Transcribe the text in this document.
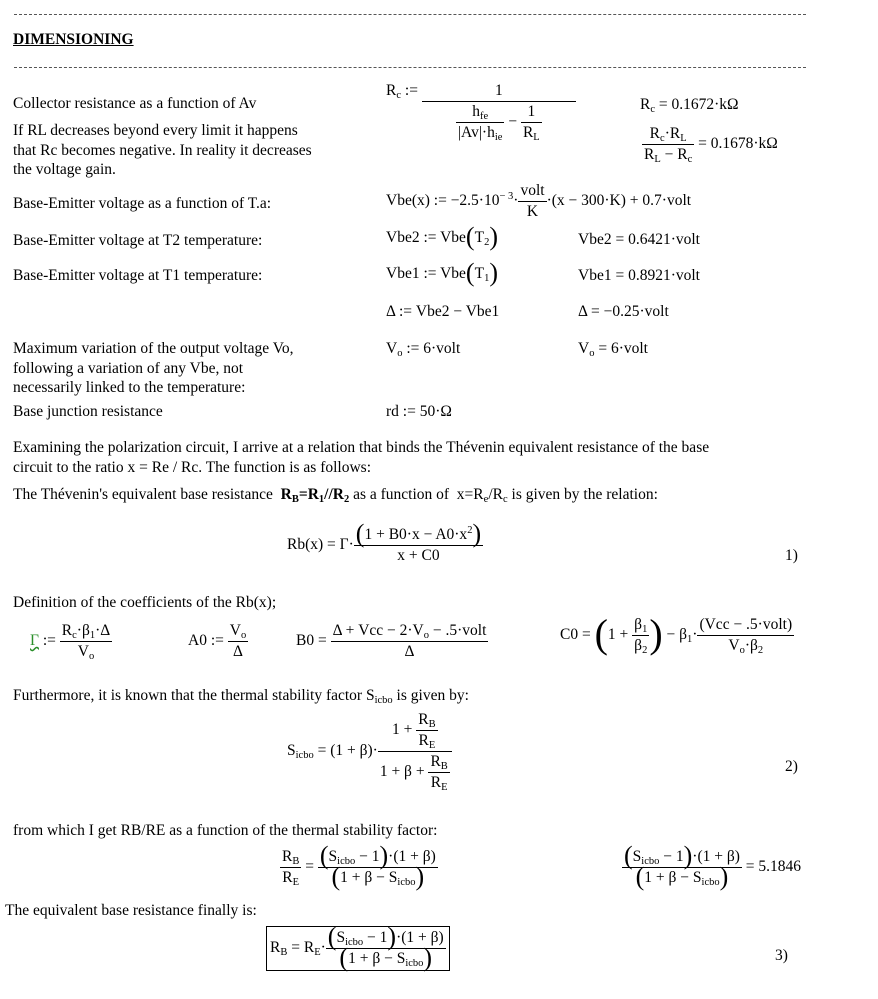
DIMENSIONING
Collector resistance as a function of Av
If RL decreases beyond every limit it happens
that Rc becomes negative. In reality it decreases
the voltage gain.
$R_c$ :=	1
$h_{fe}$
$|Av|\cdot h_{ie}$
− $\frac{1}{R_L}$	$R_c = 0.1672\cdot k\Omega$
$\frac{R_c\cdot R_L}{R_L - R_c} = 0.1678\cdot k\Omega$
Base-Emitter voltage as a function of T.a:	Vbe(x) := $-2.5\cdot 10^{- 3}\cdot$
volt
K
·(x − 300·K) + 0.7·volt
Base-Emitter voltage at T2 temperature:	Vbe2 := $Vbe(T_2)$	Vbe2 = 0.6421·volt
Base-Emitter voltage at T1 temperature:	Vbe1 := $Vbe(T_1)$	Vbe1 = 0.8921·volt
Δ := Vbe2 − Vbe1	Δ = −0.25·volt
Maximum variation of the output voltage Vo,
following a variation of any Vbe, not
necessarily linked to the temperature:
$V_o$ := 6·volt	$V_o$ = 6·volt
Base junction resistance	rd := 50·Ω
Examining the polarization circuit, I arrive at a relation that binds the Thévenin equivalent resistance of the base
circuit to the ratio x = Re / Rc. The function is as follows:
The Thévenin's equivalent base resistance  $R_B=R_1//R_2$ as a function of  $x=R_e/R_c$ is given by the relation:
$Rb(x) = \Gamma\cdot \frac{(1 + B0\cdot x - A0\cdot x^2)}{x + C0}$	1)
Definition of the coefficients of the Rb(x);
Γ := $\frac{R_c\cdot\beta_1\cdot\Delta}{V_o}$	A0 := $\frac{V_o}{\Delta}$	B0 =
Δ + Vcc − $2\cdot V_o$ − .5·volt
Δ
$C0 = (1 + \frac{\beta_1}{\beta_2}$ ) − $\beta_1\cdot$
(Vcc − .5·volt)
$V_o\cdot\beta_2$
Furthermore, it is known that the thermal stability factor $S_{icbo}$ is given by:
$S_{icbo} = (1 + \beta)\cdot$
$1 + \frac{R_B}{R_E}$
$1 + \beta + \frac{R_B}{R_E}$	2)
from which I get RB/RE as a function of the thermal stability factor:
$\frac{R_B}{R_E} = (S_{icbo} - 1)\cdot(1 + \beta)$
$(1 + \beta - S_{icbo})$
$(S_{icbo} - 1)\cdot(1 + \beta)$
$(1 + \beta - S_{icbo}) = 5.1846$
The equivalent base resistance finally is:
$R_B = R_E\cdot (S_{icbo} - 1)\cdot(1 + \beta)$
$(1 + \beta - S_{icbo})$	3)
